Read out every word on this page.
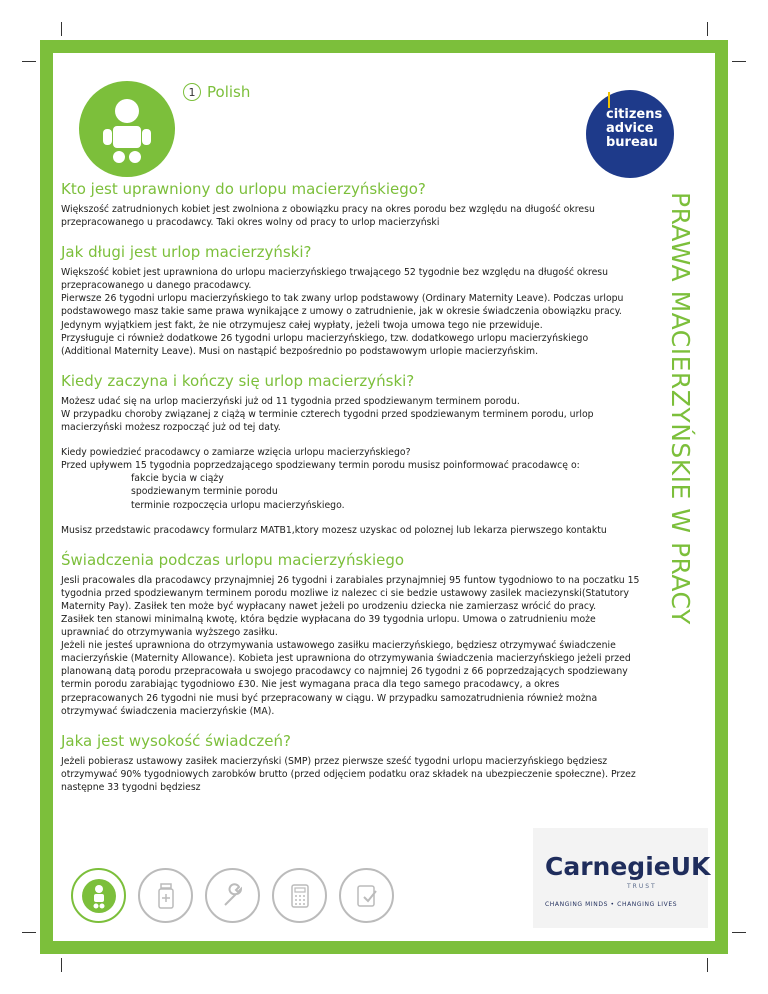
1 Polish
citizens
advice
bureau
PRAWA MACIERZYŃSKIE W PRACY
Kto jest uprawniony do urlopu macierzyńskiego?

Większość zatrudnionych kobiet jest zwolniona z obowiązku pracy na okres porodu bez względu na długość okresu przepracowanego u pracodawcy. Taki okres wolny od pracy to urlop macierzyński

Jak długi jest urlop macierzyński?

Większość kobiet jest uprawniona do urlopu macierzyńskiego trwającego 52 tygodnie bez względu na długość okresu przepracowanego u danego pracodawcy.

Pierwsze 26 tygodni urlopu macierzyńskiego to tak zwany urlop podstawowy (Ordinary Maternity Leave). Podczas urlopu podstawowego masz takie same prawa wynikające z umowy o zatrudnienie, jak w okresie świadczenia obowiązku pracy. Jedynym wyjątkiem jest fakt, że nie otrzymujesz całej wypłaty, jeżeli twoja umowa tego nie przewiduje.

Przysługuje ci również dodatkowe 26 tygodni urlopu macierzyńskiego, tzw. dodatkowego urlopu macierzyńskiego (Additional Maternity Leave). Musi on nastąpić bezpośrednio po podstawowym urlopie macierzyńskim.

Kiedy zaczyna i kończy się urlop macierzyński?

Możesz udać się na urlop macierzyński już od 11 tygodnia przed spodziewanym terminem porodu.

W przypadku choroby związanej z ciążą w terminie czterech tygodni przed spodziewanym terminem porodu, urlop macierzyński możesz rozpocząć już od tej daty.

Kiedy powiedzieć pracodawcy o zamiarze wzięcia urlopu macierzyńskiego?

Przed upływem 15 tygodnia poprzedzającego spodziewany termin porodu musisz poinformować pracodawcę o:

fakcie bycia w ciąży
spodziewanym terminie porodu
terminie rozpoczęcia urlopu macierzyńskiego.

Musisz przedstawic pracodawcy formularz MATB1,ktory mozesz uzyskac od poloznej lub lekarza pierwszego kontaktu

Świadczenia podczas urlopu macierzyńskiego

Jesli pracowales dla pracodawcy przynajmniej 26 tygodni i zarabiales przynajmniej 95 funtow tygodniowo to na poczatku 15 tygodnia przed spodziewanym terminem porodu mozliwe iz nalezec ci sie bedzie ustawowy zasilek maciezynski(Statutory Maternity Pay). Zasiłek ten może być wypłacany nawet jeżeli po urodzeniu dziecka nie zamierzasz wrócić do pracy.

Zasiłek ten stanowi minimalną kwotę, która będzie wypłacana do 39 tygodnia urlopu. Umowa o zatrudnieniu może uprawniać do otrzymywania wyższego zasiłku.

Jeżeli nie jesteś uprawniona do otrzymywania ustawowego zasiłku macierzyńskiego, będziesz otrzymywać świadczenie macierzyńskie (Maternity Allowance). Kobieta jest uprawniona do otrzymywania świadczenia macierzyńskiego jeżeli przed planowaną datą porodu przepracowała u swojego pracodawcy co najmniej 26 tygodni z 66 poprzedzających spodziewany termin porodu zarabiając tygodniowo £30. Nie jest wymagana praca dla tego samego pracodawcy, a okres przepracowanych 26 tygodni nie musi być przepracowany w ciągu. W przypadku samozatrudnienia również można otrzymywać świadczenia macierzyńskie (MA).

Jaka jest wysokość świadczeń?

Jeżeli pobierasz ustawowy zasiłek macierzyński (SMP) przez pierwsze sześć tygodni urlopu macierzyńskiego będziesz otrzymywać 90% tygodniowych zarobków brutto (przed odjęciem podatku oraz składek na ubezpieczenie społeczne). Przez następne 33 tygodni będziesz

CarnegieUK
TRUST
CHANGING MINDS • CHANGING LIVES
